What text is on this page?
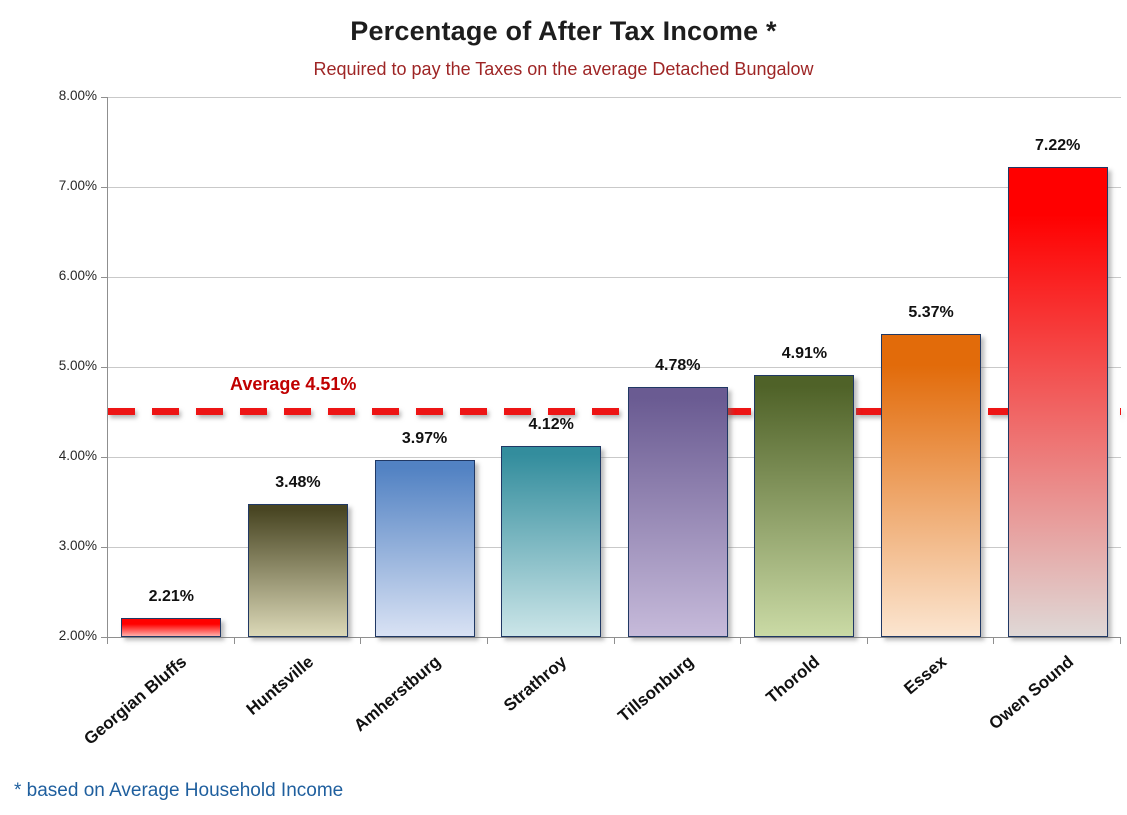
Percentage of After Tax Income *
Required to pay the Taxes on the average Detached Bungalow
Average 4.51%
2.21%
3.48%
3.97%
4.12%
4.78%
4.91%
5.37%
7.22%
* based on Average Household Income
8.00%
7.00%
6.00%
5.00%
4.00%
3.00%
2.00%
Georgian Bluffs	Huntsville	Amherstburg	Strathroy	Tillsonburg	Thorold	Essex	Owen Sound
